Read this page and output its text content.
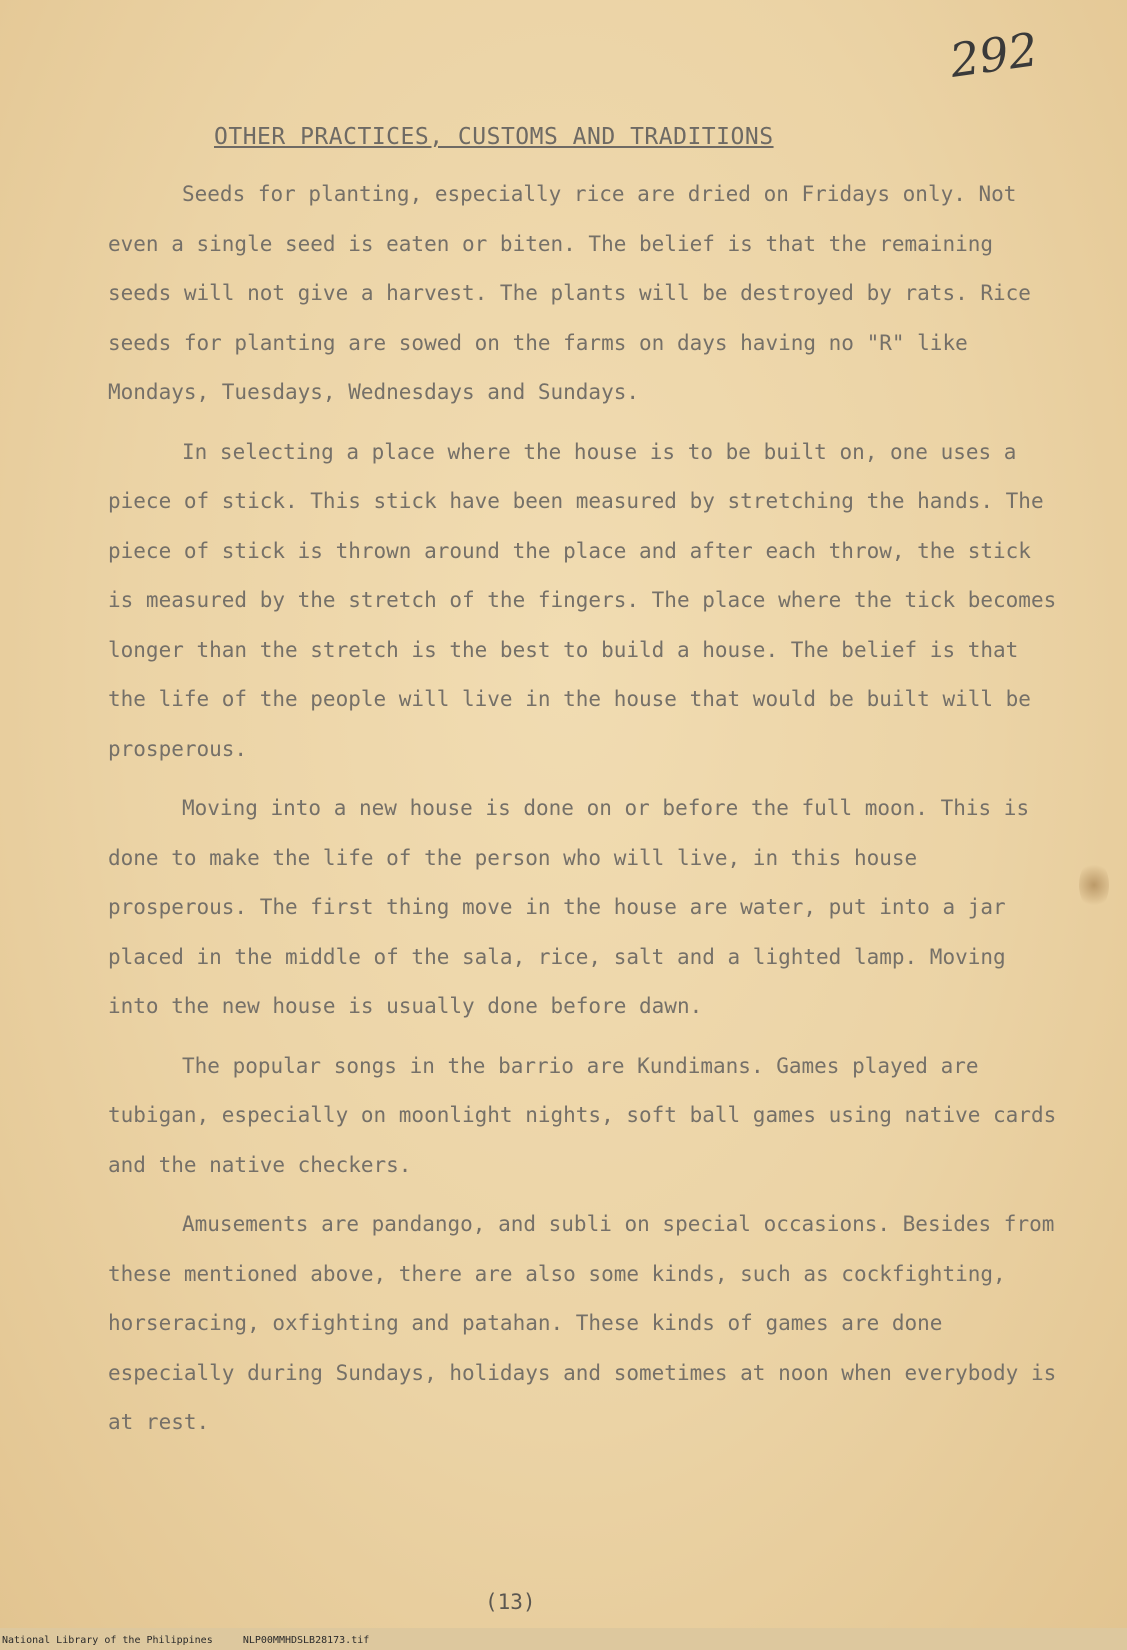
292
OTHER PRACTICES, CUSTOMS AND TRADITIONS

Seeds for planting, especially rice are dried on Fridays only. Not even a single seed is eaten or biten. The belief is that the remaining seeds will not give a harvest. The plants will be destroyed by rats. Rice seeds for planting are sowed on the farms on days having no "R" like Mondays, Tuesdays, Wednesdays and Sundays.

In selecting a place where the house is to be built on, one uses a piece of stick. This stick have been measured by stretching the hands. The piece of stick is thrown around the place and after each throw, the stick is measured by the stretch of the fingers. The place where the tick becomes longer than the stretch is the best to build a house. The belief is that the life of the people will live in the house that would be built will be prosperous.

Moving into a new house is done on or before the full moon. This is done to make the life of the person who will live, in this house prosperous. The first thing move in the house are water, put into a jar placed in the middle of the sala, rice, salt and a lighted lamp. Moving into the new house is usually done before dawn.

The popular songs in the barrio are Kundimans. Games played are tubigan, especially on moonlight nights, soft ball games using native cards and the native checkers.

Amusements are pandango, and subli on special occasions. Besides from these mentioned above, there are also some kinds, such as cockfighting, horseracing, oxfighting and patahan. These kinds of games are done especially during Sundays, holidays and sometimes at noon when everybody is at rest.

(13)
National Library of the Philippines	NLP00MMHDSLB28173.tif
